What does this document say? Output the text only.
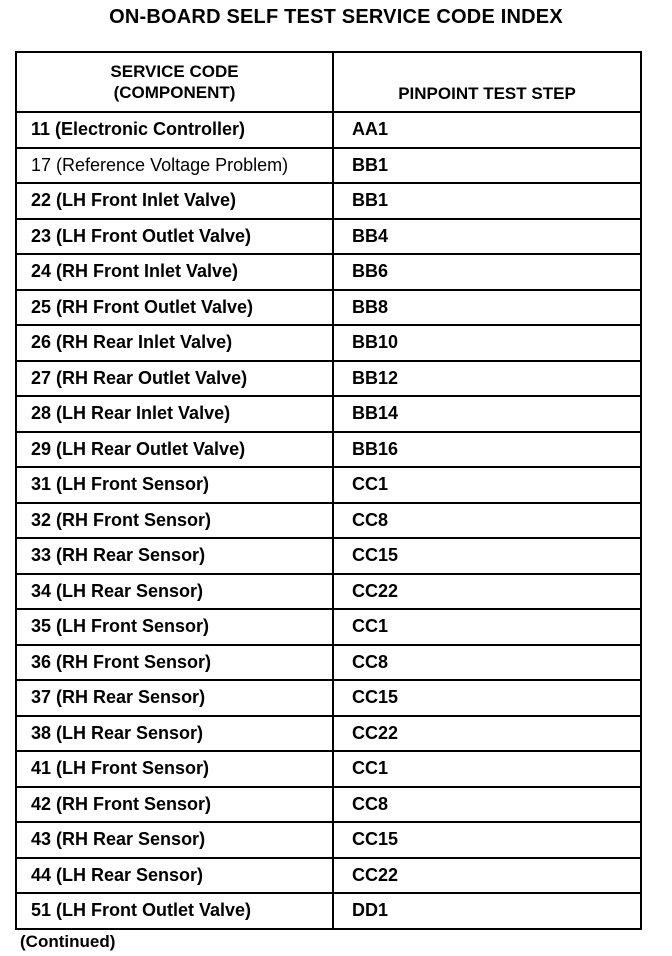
ON-BOARD SELF TEST SERVICE CODE INDEX
SERVICE CODE
(COMPONENT)	PINPOINT TEST STEP
11 (Electronic Controller)	AA1
17 (Reference Voltage Problem)	BB1
22 (LH Front Inlet Valve)	BB1
23 (LH Front Outlet Valve)	BB4
24 (RH Front Inlet Valve)	BB6
25 (RH Front Outlet Valve)	BB8
26 (RH Rear Inlet Valve)	BB10
27 (RH Rear Outlet Valve)	BB12
28 (LH Rear Inlet Valve)	BB14
29 (LH Rear Outlet Valve)	BB16
31 (LH Front Sensor)	CC1
32 (RH Front Sensor)	CC8
33 (RH Rear Sensor)	CC15
34 (LH Rear Sensor)	CC22
35 (LH Front Sensor)	CC1
36 (RH Front Sensor)	CC8
37 (RH Rear Sensor)	CC15
38 (LH Rear Sensor)	CC22
41 (LH Front Sensor)	CC1
42 (RH Front Sensor)	CC8
43 (RH Rear Sensor)	CC15
44 (LH Rear Sensor)	CC22
51 (LH Front Outlet Valve)	DD1
(Continued)
